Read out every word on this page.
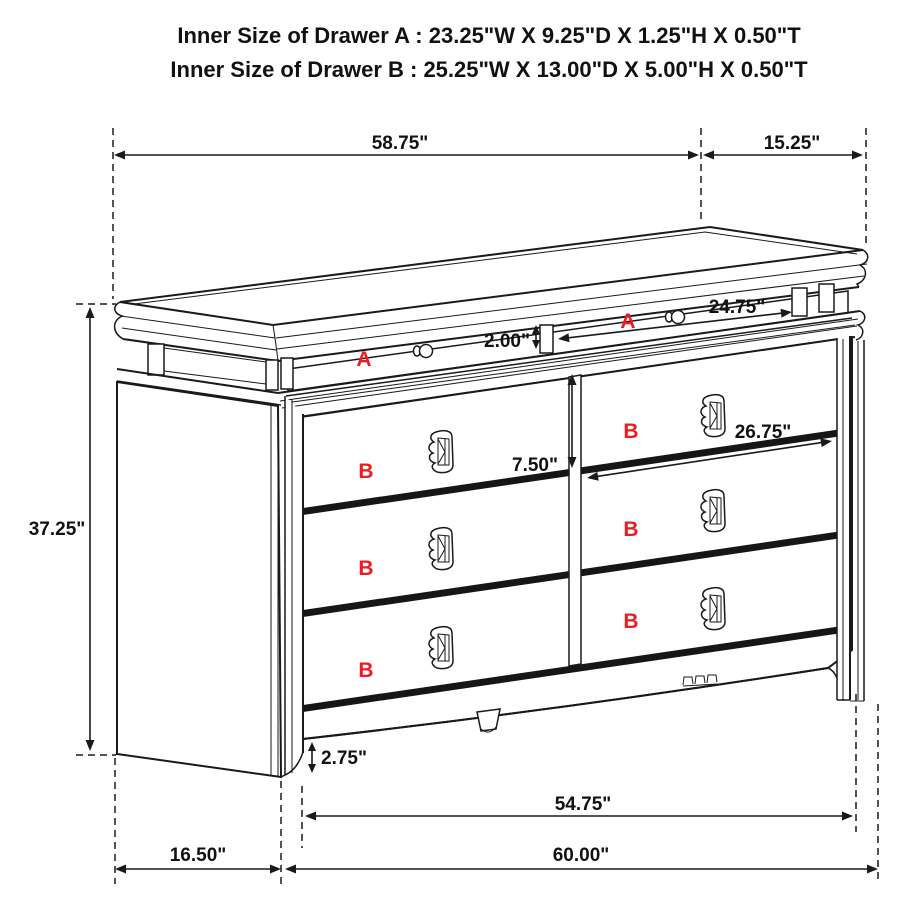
Inner Size of Drawer A : 23.25"W X 9.25"D X 1.25"H X 0.50"T
Inner Size of Drawer B : 25.25"W X 13.00"D X 5.00"H X 0.50"T
A
A
B
B
B
B
B
B
58.75"	15.25"
37.25"
24.75"
2.00"
7.50"
26.75"
2.75"
54.75"
16.50"	60.00"
